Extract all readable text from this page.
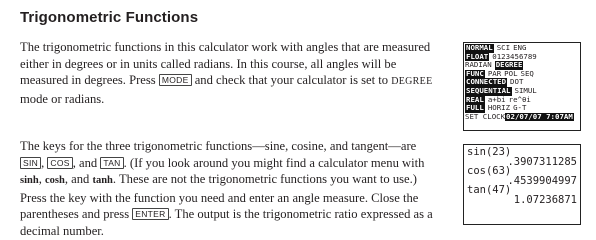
Trigonometric Functions

The trigonometric functions in this calculator work with angles that are measured either in degrees or in units called radians. In this course, all angles will be measured in degrees. Press MODE and check that your calculator is set to DEGREE mode or radians.

The keys for the three trigonometric functions—sine, cosine, and tangent—are SIN , COS , and TAN . (If you look around you might find a calculator menu with sinh, cosh, and tanh. These are not the trigonometric functions you want to use.) Press the key with the function you need and enter an angle measure. Close the parentheses and press ENTER . The output is the trigonometric ratio expressed as a decimal number.

NORMAL SCI ENG
FLOAT 0123456789
RADIAN DEGREE
FUNC PAR POL SEQ
CONNECTED DOT
SEQUENTIAL SIMUL
REAL a+bi re^θi
FULL HORIZ G-T
SET CLOCK 02/07/07 7:07AM
sin(23)
.3907311285
cos(63)
.4539904997
tan(47)
1.07236871
